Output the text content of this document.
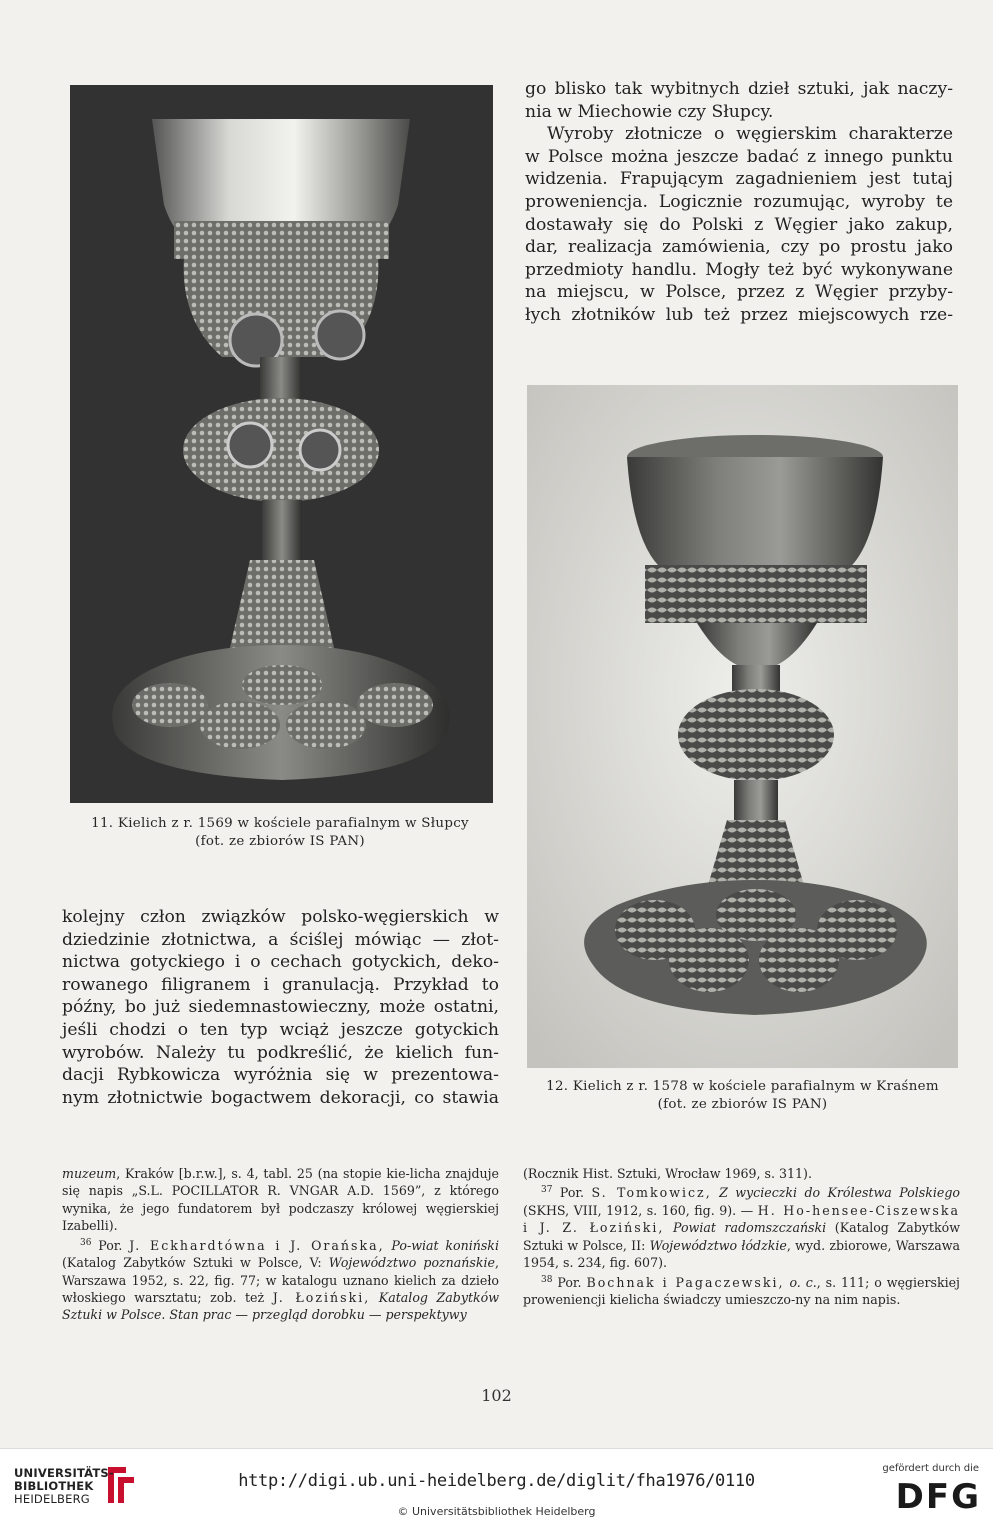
go blisko tak wybitnych dzieł sztuki, jak naczy-

nia w Miechowie czy Słupcy.

Wyroby złotnicze o węgierskim charakterze

w Polsce można jeszcze badać z innego punktu

widzenia. Frapującym zagadnieniem jest tutaj

proweniencja. Logicznie rozumując, wyroby te

dostawały się do Polski z Węgier jako zakup,

dar, realizacja zamówienia, czy po prostu jako

przedmioty handlu. Mogły też być wykonywane

na miejscu, w Polsce, przez z Węgier przyby-

łych złotników lub też przez miejscowych rze-

11. Kielich z r. 1569 w kościele parafialnym w Słupcy
(fot. ze zbiorów IS PAN)
12. Kielich z r. 1578 w kościele parafialnym w Kraśnem
(fot. ze zbiorów IS PAN)

kolejny człon związków polsko-węgierskich w

dziedzinie złotnictwa, a ściślej mówiąc — złot-

nictwa gotyckiego i o cechach gotyckich, deko-

rowanego filigranem i granulacją. Przykład to

późny, bo już siedemnastowieczny, może ostatni,

jeśli chodzi o ten typ wciąż jeszcze gotyckich

wyrobów. Należy tu podkreślić, że kielich fun-

dacji Rybkowicza wyróżnia się w prezentowa-

nym złotnictwie bogactwem dekoracji, co stawia

muzeum, Kraków [b.r.w.], s. 4, tabl. 25 (na stopie kie-licha znajduje się napis „S.L. POCILLATOR R. VNGAR A.D. 1569”, z którego wynika, że jego fundatorem był podczaszy królowej węgierskiej Izabelli).

$^{36}$ Por. J. Eckhardtówna i J. Orańska, Po-wiat koniński (Katalog Zabytków Sztuki w Polsce, V: Województwo poznańskie, Warszawa 1952, s. 22, fig. 77; w katalogu uznano kielich za dzieło włoskiego warsztatu; zob. też J. Łoziński, Katalog Zabytków Sztuki w Polsce. Stan prac — przegląd dorobku — perspektywy

(Rocznik Hist. Sztuki, Wrocław 1969, s. 311).

$^{37}$ Por. S. Tomkowicz, Z wycieczki do Królestwa Polskiego (SKHS, VIII, 1912, s. 160, fig. 9). — H. Ho-hensee-Ciszewska i J. Z. Łoziński, Powiat radomszczański (Katalog Zabytków Sztuki w Polsce, II: Województwo łódzkie, wyd. zbiorowe, Warszawa 1954, s. 234, fig. 607).

$^{38}$ Por. Bochnak i Pagaczewski, o. c., s. 111; o węgierskiej proweniencji kielicha świadczy umieszczo-ny na nim napis.

102
UNIVERSITÄTS-
BIBLIOTHEK
HEIDELBERG
http://digi.ub.uni-heidelberg.de/diglit/fha1976/0110
© Universitätsbibliothek Heidelberg
gefördert durch die
DFG
